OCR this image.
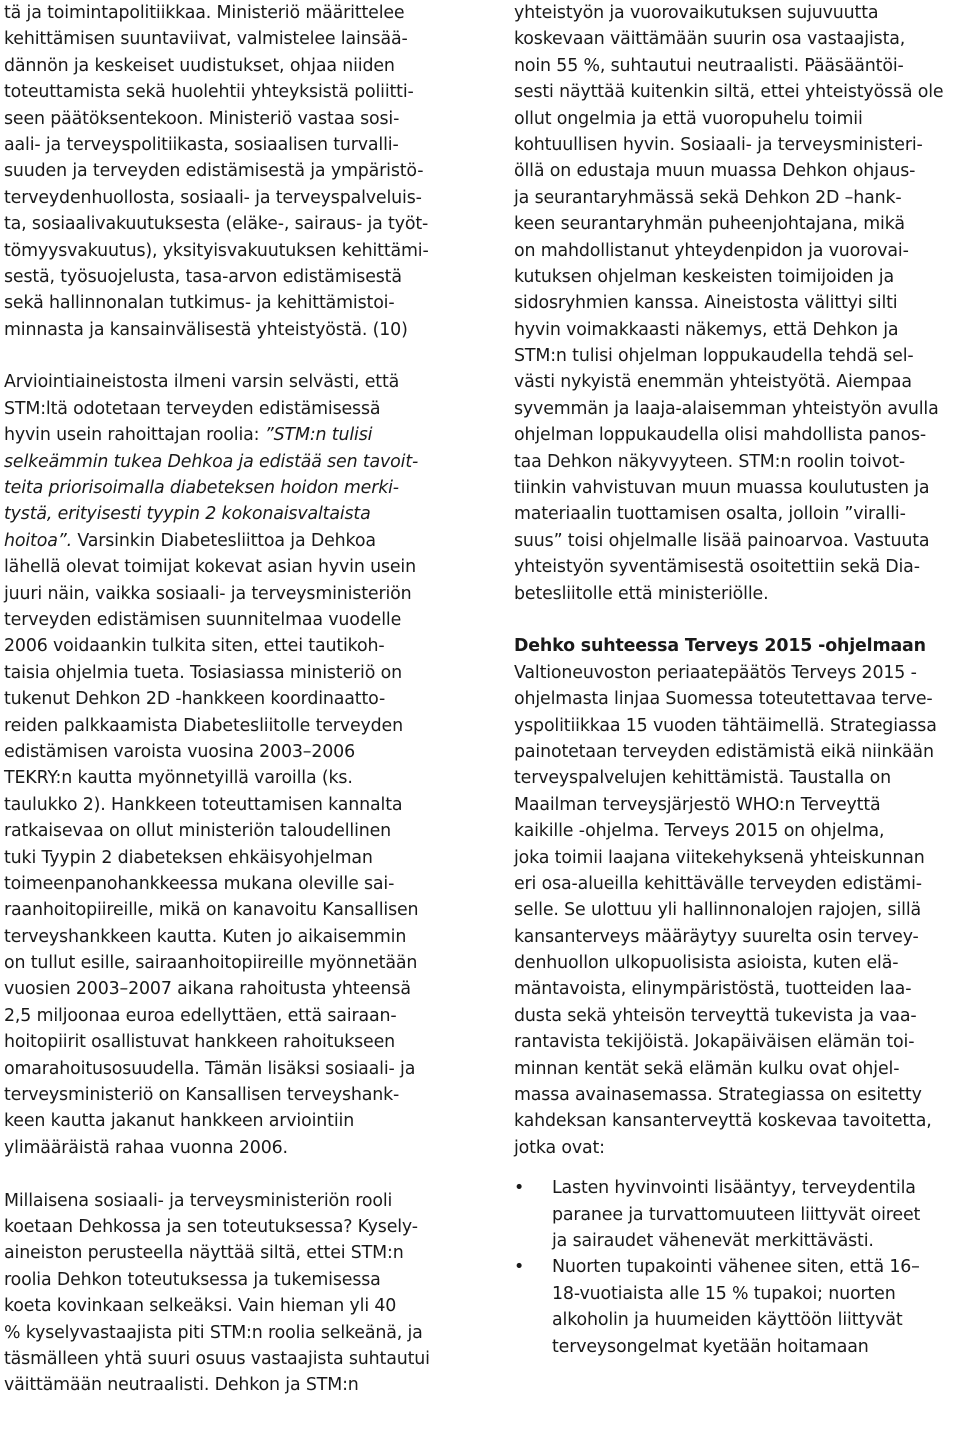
tä ja toimintapolitiikkaa. Ministeriö määrittelee
kehittämisen suuntaviivat, valmistelee lainsää-
dännön ja keskeiset uudistukset, ohjaa niiden
toteuttamista sekä huolehtii yhteyksistä poliitti-
seen päätöksentekoon. Ministeriö vastaa sosi-
aali- ja terveyspolitiikasta, sosiaalisen turvalli-
suuden ja terveyden edistämisestä ja ympäristö-
terveydenhuollosta, sosiaali- ja terveyspalveluis-
ta, sosiaalivakuutuksesta (eläke-, sairaus- ja työt-
tömyysvakuutus), yksityisvakuutuksen kehittämi-
sestä, työsuojelusta, tasa-arvon edistämisestä
sekä hallinnonalan tutkimus- ja kehittämistoi-
minnasta ja kansainvälisestä yhteistyöstä. (10)
Arviointiaineistosta ilmeni varsin selvästi, että
STM:ltä odotetaan terveyden edistämisessä
hyvin usein rahoittajan roolia: ”STM:n tulisi
selkeämmin tukea Dehkoa ja edistää sen tavoit-
teita priorisoimalla diabeteksen hoidon merki-
tystä, erityisesti tyypin 2 kokonaisvaltaista
hoitoa”. Varsinkin Diabetesliittoa ja Dehkoa
lähellä olevat toimijat kokevat asian hyvin usein
juuri näin, vaikka sosiaali- ja terveysministeriön
terveyden edistämisen suunnitelmaa vuodelle
2006 voidaankin tulkita siten, ettei tautikoh-
taisia ohjelmia tueta. Tosiasiassa ministeriö on
tukenut Dehkon 2D -hankkeen koordinaatto-
reiden palkkaamista Diabetesliitolle terveyden
edistämisen varoista vuosina 2003–2006
TEKRY:n kautta myönnetyillä varoilla (ks.
taulukko 2). Hankkeen toteuttamisen kannalta
ratkaisevaa on ollut ministeriön taloudellinen
tuki Tyypin 2 diabeteksen ehkäisyohjelman
toimeenpanohankkeessa mukana oleville sai-
raanhoitopiireille, mikä on kanavoitu Kansallisen
terveyshankkeen kautta. Kuten jo aikaisemmin
on tullut esille, sairaanhoitopiireille myönnetään
vuosien 2003–2007 aikana rahoitusta yhteensä
2,5 miljoonaa euroa edellyttäen, että sairaan-
hoitopiirit osallistuvat hankkeen rahoitukseen
omarahoitusosuudella. Tämän lisäksi sosiaali- ja
terveysministeriö on Kansallisen terveyshank-
keen kautta jakanut hankkeen arviointiin
ylimääräistä rahaa vuonna 2006.
Millaisena sosiaali- ja terveysministeriön rooli
koetaan Dehkossa ja sen toteutuksessa? Kysely-
aineiston perusteella näyttää siltä, ettei STM:n
roolia Dehkon toteutuksessa ja tukemisessa
koeta kovinkaan selkeäksi. Vain hieman yli 40
% kyselyvastaajista piti STM:n roolia selkeänä, ja
täsmälleen yhtä suuri osuus vastaajista suhtautui
väittämään neutraalisti. Dehkon ja STM:n
yhteistyön ja vuorovaikutuksen sujuvuutta
koskevaan väittämään suurin osa vastaajista,
noin 55 %, suhtautui neutraalisti. Pääsääntöi-
sesti näyttää kuitenkin siltä, ettei yhteistyössä ole
ollut ongelmia ja että vuoropuhelu toimii
kohtuullisen hyvin. Sosiaali- ja terveysministeri-
öllä on edustaja muun muassa Dehkon ohjaus-
ja seurantaryhmässä sekä Dehkon 2D –hank-
keen seurantaryhmän puheenjohtajana, mikä
on mahdollistanut yhteydenpidon ja vuorovai-
kutuksen ohjelman keskeisten toimijoiden ja
sidosryhmien kanssa. Aineistosta välittyi silti
hyvin voimakkaasti näkemys, että Dehkon ja
STM:n tulisi ohjelman loppukaudella tehdä sel-
västi nykyistä enemmän yhteistyötä. Aiempaa
syvemmän ja laaja-alaisemman yhteistyön avulla
ohjelman loppukaudella olisi mahdollista panos-
taa Dehkon näkyvyyteen. STM:n roolin toivot-
tiinkin vahvistuvan muun muassa koulutusten ja
materiaalin tuottamisen osalta, jolloin ”viralli-
suus” toisi ohjelmalle lisää painoarvoa. Vastuuta
yhteistyön syventämisestä osoitettiin sekä Dia-
betesliitolle että ministeriölle.
Dehko suhteessa Terveys 2015 -ohjelmaan
Valtioneuvoston periaatepäätös Terveys 2015 -
ohjelmasta linjaa Suomessa toteutettavaa terve-
yspolitiikkaa 15 vuoden tähtäimellä. Strategiassa
painotetaan terveyden edistämistä eikä niinkään
terveyspalvelujen kehittämistä. Taustalla on
Maailman terveysjärjestö WHO:n Terveyttä
kaikille -ohjelma. Terveys 2015 on ohjelma,
joka toimii laajana viitekehyksenä yhteiskunnan
eri osa-alueilla kehittävälle terveyden edistämi-
selle. Se ulottuu yli hallinnonalojen rajojen, sillä
kansanterveys määräytyy suurelta osin tervey-
denhuollon ulkopuolisista asioista, kuten elä-
mäntavoista, elinympäristöstä, tuotteiden laa-
dusta sekä yhteisön terveyttä tukevista ja vaa-
rantavista tekijöistä. Jokapäiväisen elämän toi-
minnan kentät sekä elämän kulku ovat ohjel-
massa avainasemassa. Strategiassa on esitetty
kahdeksan kansanterveyttä koskevaa tavoitetta,
jotka ovat:
• Lasten hyvinvointi lisääntyy, terveydentila
paranee ja turvattomuuteen liittyvät oireet
ja sairaudet vähenevät merkittävästi.
• Nuorten tupakointi vähenee siten, että 16–
18-vuotiaista alle 15 % tupakoi; nuorten
alkoholin ja huumeiden käyttöön liittyvät
terveysongelmat kyetään hoitamaan
